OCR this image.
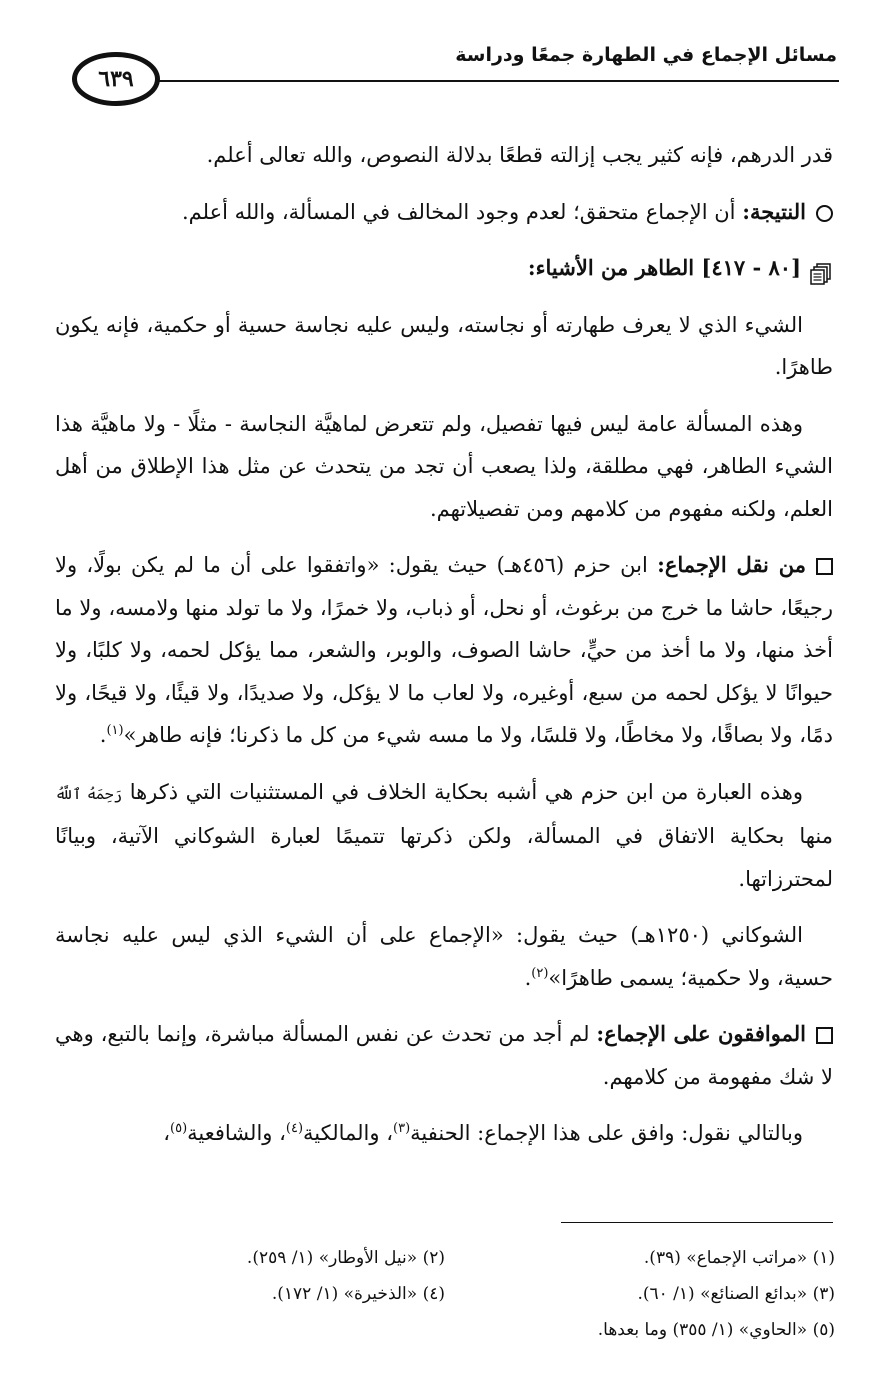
مسائل الإجماع في الطهارة جمعًا ودراسة
٦٣٩

قدر الدرهم، فإنه كثير يجب إزالته قطعًا بدلالة النصوص، والله تعالى أعلم.

النتيجة: أن الإجماع متحقق؛ لعدم وجود المخالف في المسألة، والله أعلم.

[٨٠ - ٤١٧] الطاهر من الأشياء:

الشيء الذي لا يعرف طهارته أو نجاسته، وليس عليه نجاسة حسية أو حكمية، فإنه يكون طاهرًا.

وهذه المسألة عامة ليس فيها تفصيل، ولم تتعرض لماهيَّة النجاسة - مثلًا - ولا ماهيَّة هذا الشيء الطاهر، فهي مطلقة، ولذا يصعب أن تجد من يتحدث عن مثل هذا الإطلاق من أهل العلم، ولكنه مفهوم من كلامهم ومن تفصيلاتهم.

من نقل الإجماع: ابن حزم (٤٥٦هـ) حيث يقول: «واتفقوا على أن ما لم يكن بولًا، ولا رجيعًا، حاشا ما خرج من برغوث، أو نحل، أو ذباب، ولا خمرًا، ولا ما تولد منها ولامسه، ولا ما أخذ منها، ولا ما أخذ من حيٍّ، حاشا الصوف، والوبر، والشعر، مما يؤكل لحمه، ولا كلبًا، ولا حيوانًا لا يؤكل لحمه من سبع، أوغيره، ولا لعاب ما لا يؤكل، ولا صديدًا، ولا قيئًا، ولا قيحًا، ولا دمًا، ولا بصاقًا، ولا مخاطًا، ولا قلسًا، ولا ما مسه شيء من كل ما ذكرنا؛ فإنه طاهر»$^{(١)}$.

وهذه العبارة من ابن حزم هي أشبه بحكاية الخلاف في المستثنيات التي ذكرها رَحِمَهُ ٱللَّهُ منها بحكاية الاتفاق في المسألة، ولكن ذكرتها تتميمًا لعبارة الشوكاني الآتية، وبيانًا لمحترزاتها.

الشوكاني (١٢٥٠هـ) حيث يقول: «الإجماع على أن الشيء الذي ليس عليه نجاسة حسية، ولا حكمية؛ يسمى طاهرًا»$^{(٢)}$.

الموافقون على الإجماع: لم أجد من تحدث عن نفس المسألة مباشرة، وإنما بالتبع، وهي لا شك مفهومة من كلامهم.

وبالتالي نقول: وافق على هذا الإجماع: الحنفية$^{(٣)}$، والمالكية$^{(٤)}$، والشافعية$^{(٥)}$،

(١) «مراتب الإجماع» (٣٩).
(٢) «نيل الأوطار» (١/ ٢٥٩).
(٣) «بدائع الصنائع» (١/ ٦٠).
(٤) «الذخيرة» (١/ ١٧٢).
(٥) «الحاوي» (١/ ٣٥٥) وما بعدها.
